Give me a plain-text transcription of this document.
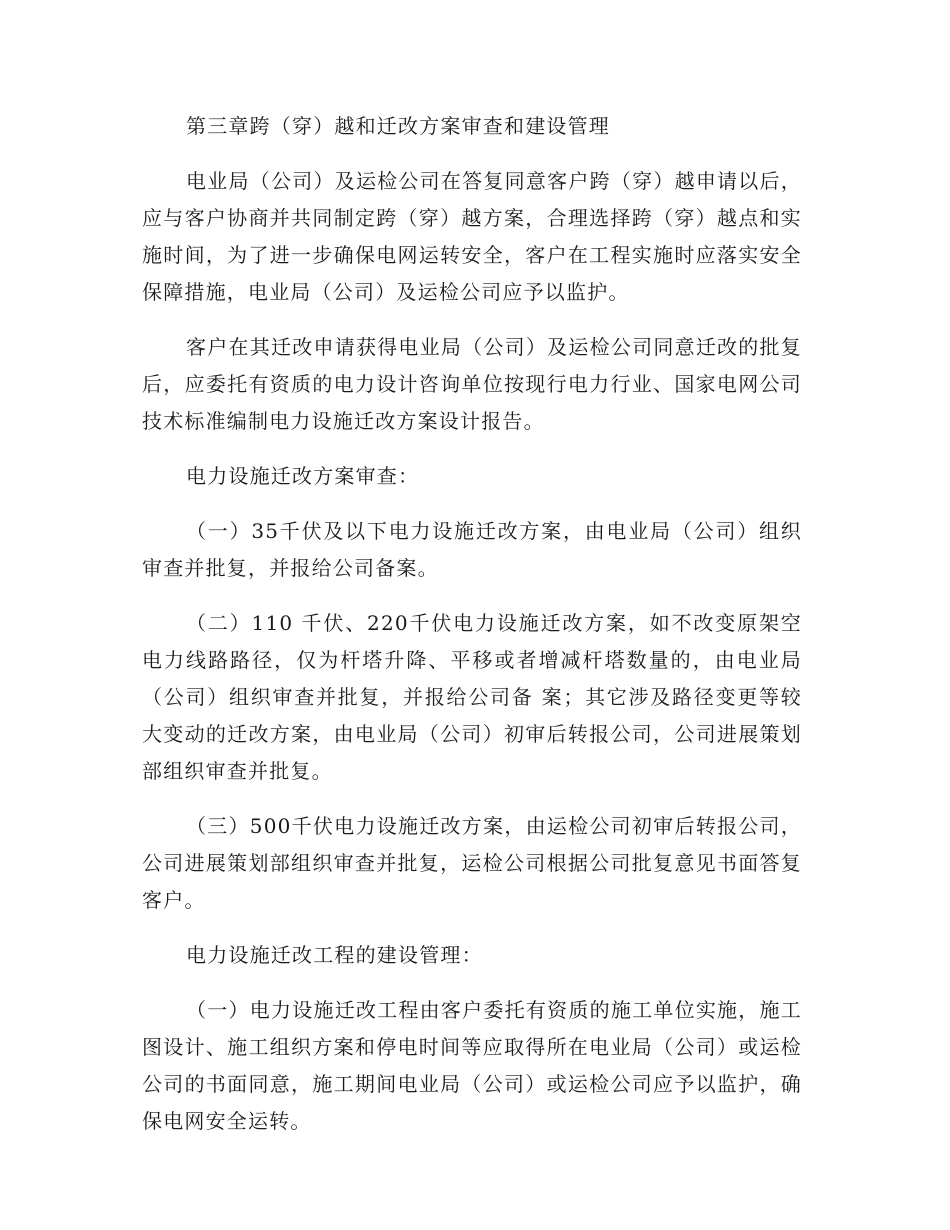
第三章跨（穿）越和迁改方案审查和建设管理

电业局（公司）及运检公司在答复同意客户跨（穿）越申请以后，应与客户协商并共同制定跨（穿）越方案，合理选择跨（穿）越点和实施时间，为了进一步确保电网运转安全，客户在工程实施时应落实安全保障措施，电业局（公司）及运检公司应予以监护。

客户在其迁改申请获得电业局（公司）及运检公司同意迁改的批复后，应委托有资质的电力设计咨询单位按现行电力行业、国家电网公司技术标准编制电力设施迁改方案设计报告。

电力设施迁改方案审查：

（一）35千伏及以下电力设施迁改方案，由电业局（公司）组织审查并批复，并报给公司备案。

（二）110 千伏、220千伏电力设施迁改方案，如不改变原架空电力线路路径，仅为杆塔升降、平移或者增减杆塔数量的，由电业局（公司）组织审查并批复，并报给公司备 案；其它涉及路径变更等较大变动的迁改方案，由电业局（公司）初审后转报公司，公司进展策划部组织审查并批复。

（三）500千伏电力设施迁改方案，由运检公司初审后转报公司，公司进展策划部组织审查并批复，运检公司根据公司批复意见书面答复客户。

电力设施迁改工程的建设管理：

（一）电力设施迁改工程由客户委托有资质的施工单位实施，施工图设计、施工组织方案和停电时间等应取得所在电业局（公司）或运检公司的书面同意，施工期间电业局（公司）或运检公司应予以监护，确保电网安全运转。
